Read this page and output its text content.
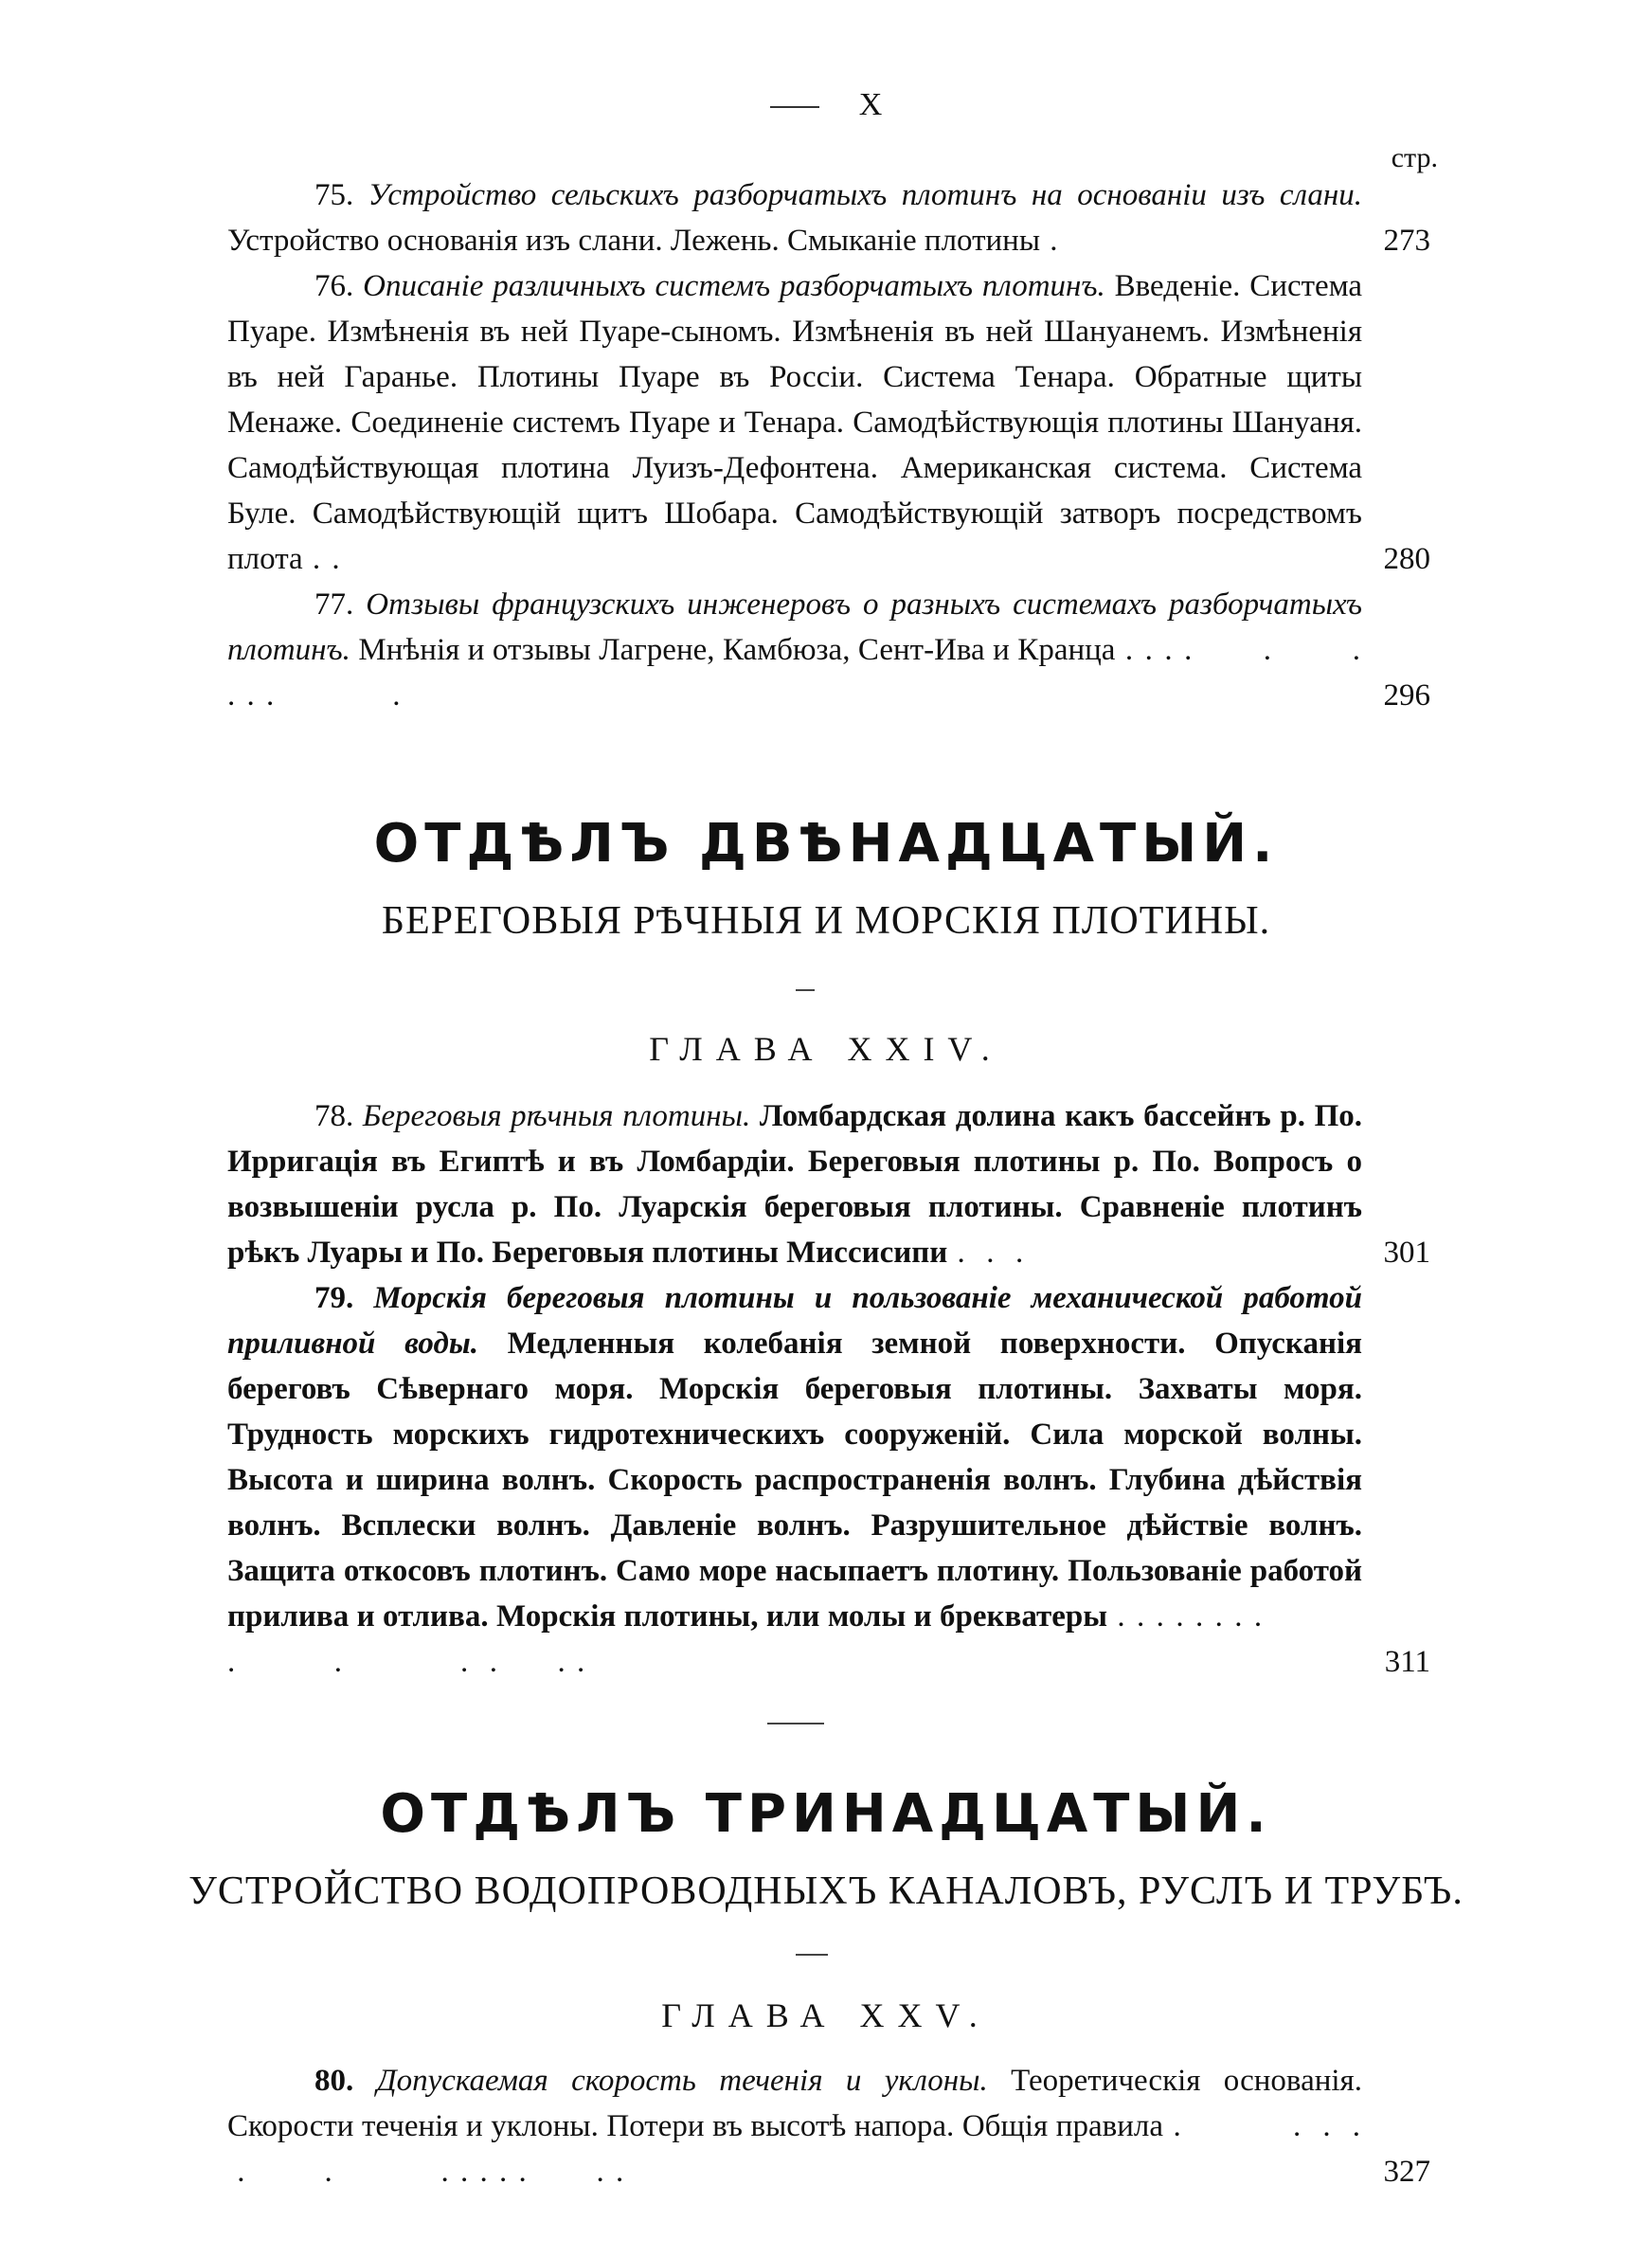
X
стр.

75. Устройство сельскихъ разборчатыхъ плотинъ на основаніи изъ слани. Устройство основанія изъ слани. Лежень. Смыканіе плотины .	273

76. Описаніе различныхъ системъ разборчатыхъ плотинъ. Введеніе. Система Пуаре. Измѣненія въ ней Пуаре-сыномъ. Измѣненія въ ней Шануанемъ. Измѣненія въ ней Гаранье. Плотины Пуаре въ Россіи. Система Тенара. Обратные щиты Менаже. Соединеніе системъ Пуаре и Тенара. Самодѣйствующія плотины Шануаня. Самодѣйствующая плотина Луизъ-Дефонтена. Американская система. Система Буле. Самодѣйствующій щитъ Шобара. Самодѣйствующій затворъ посредствомъ плота . .	280

77. Отзывы французскихъ инженеровъ о разныхъ системахъ разборчатыхъ плотинъ. Мнѣнія и отзывы Лагрене, Камбюза, Сент-Ива и Кранца . . . .       .        . . . .            .	296
ОТДѢЛЪ ДВѢНАДЦАТЫЙ.
БЕРЕГОВЫЯ РѢЧНЫЯ И МОРСКІЯ ПЛОТИНЫ.
ГЛАВА XXIV.

78. Береговыя рѣчныя плотины. Ломбардская долина какъ бассейнъ р. По. Ирригація въ Египтѣ и въ Ломбардіи. Береговыя плотины р. По. Вопросъ о возвышеніи русла р. По. Луарскія береговыя плотины. Сравненіе плотинъ рѣкъ Луары и По. Береговыя плотины Миссисипи .  .  .	301

79. Морскія береговыя плотины и пользованіе механической работой приливной воды. Медленныя колебанія земной поверхности. Опусканія береговъ Сѣвернаго моря. Морскія береговыя плотины. Захваты моря. Трудность морскихъ гидротехническихъ сооруженій. Сила морской волны. Высота и ширина волнъ. Скорость распространенія волнъ. Глубина дѣйствія волнъ. Всплески волнъ. Давленіе волнъ. Разрушительное дѣйствіе волнъ. Защита откосовъ плотинъ. Само море насыпаетъ плотину. Пользованіе работой прилива и отлива. Морскія плотины, или молы и брекватеры . . . . . . . .           .          .            .  .      . .	311
ОТДѢЛЪ ТРИНАДЦАТЫЙ.
УСТРОЙСТВО ВОДОПРОВОДНЫХЪ КАНАЛОВЪ, РУСЛЪ И ТРУБЪ.
ГЛАВА XXV.

80. Допускаемая скорость теченія и уклоны. Теоретическія основанія. Скорости теченія и уклоны. Потери въ высотѣ напора. Общія правила .           .  .  .  .        .           . . . . .       . .	327
